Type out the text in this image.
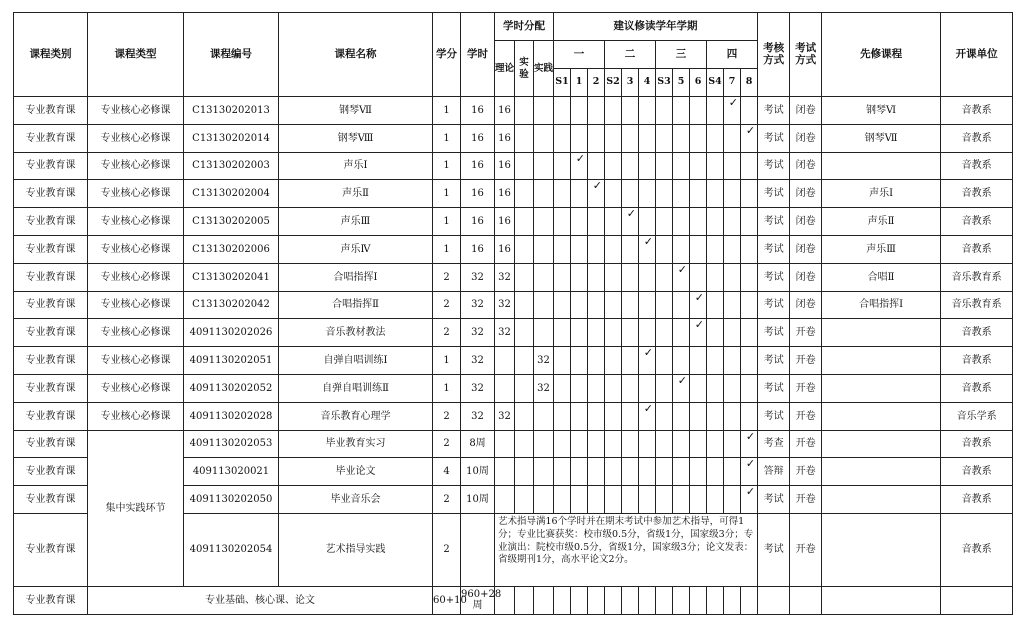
课程类别	课程类型	课程编号	课程名称	学分	学时	学时分配			建议修读学年学期												考核方式	考试方式	先修课程	开课单位
						理论	实验	实践	一			二			三			四						
									S1	1	2	S2	3	4	S3	5	6	S4	7	8				
专业教育课	专业核心必修课	C13130202013	钢琴Ⅶ	1	16	16													✓		考试	闭卷	钢琴Ⅵ	音教系
专业教育课	专业核心必修课	C13130202014	钢琴Ⅷ	1	16	16														✓	考试	闭卷	钢琴Ⅶ	音教系
专业教育课	专业核心必修课	C13130202003	声乐Ⅰ	1	16	16				✓											考试	闭卷		音教系
专业教育课	专业核心必修课	C13130202004	声乐Ⅱ	1	16	16					✓										考试	闭卷	声乐Ⅰ	音教系
专业教育课	专业核心必修课	C13130202005	声乐Ⅲ	1	16	16							✓								考试	闭卷	声乐Ⅱ	音教系
专业教育课	专业核心必修课	C13130202006	声乐Ⅳ	1	16	16								✓							考试	闭卷	声乐Ⅲ	音教系
专业教育课	专业核心必修课	C13130202041	合唱指挥Ⅰ	2	32	32										✓					考试	闭卷	合唱Ⅱ	音乐教育系
专业教育课	专业核心必修课	C13130202042	合唱指挥Ⅱ	2	32	32											✓				考试	闭卷	合唱指挥Ⅰ	音乐教育系
专业教育课	专业核心必修课	4091130202026	音乐教材教法	2	32	32											✓				考试	开卷		音教系
专业教育课	专业核心必修课	4091130202051	自弹自唱训练Ⅰ	1	32			32						✓							考试	开卷		音教系
专业教育课	专业核心必修课	4091130202052	自弹自唱训练Ⅱ	1	32			32								✓					考试	开卷		音教系
专业教育课	专业核心必修课	4091130202028	音乐教育心理学	2	32	32								✓							考试	开卷		音乐学系
专业教育课	集中实践环节	4091130202053	毕业教育实习	2	8周															✓	考查	开卷		音教系
专业教育课		409113020021	毕业论文	4	10周															✓	答辩	开卷		音教系
专业教育课		4091130202050	毕业音乐会	2	10周															✓	考试	开卷		音教系
专业教育课		4091130202054	艺术指导实践	2		艺术指导满16个学时并在期末考试中参加艺术指导，可得1分；专业比赛获奖：校市级0.5分，省级1分，国家级3分；专业演出：院校市级0.5分，省级1分，国家级3分；论文发表：省级期刊1分，高水平论文2分。															考试	开卷		音教系
专业教育课	专业基础、核心课、论文			60+10	960+28周																			
